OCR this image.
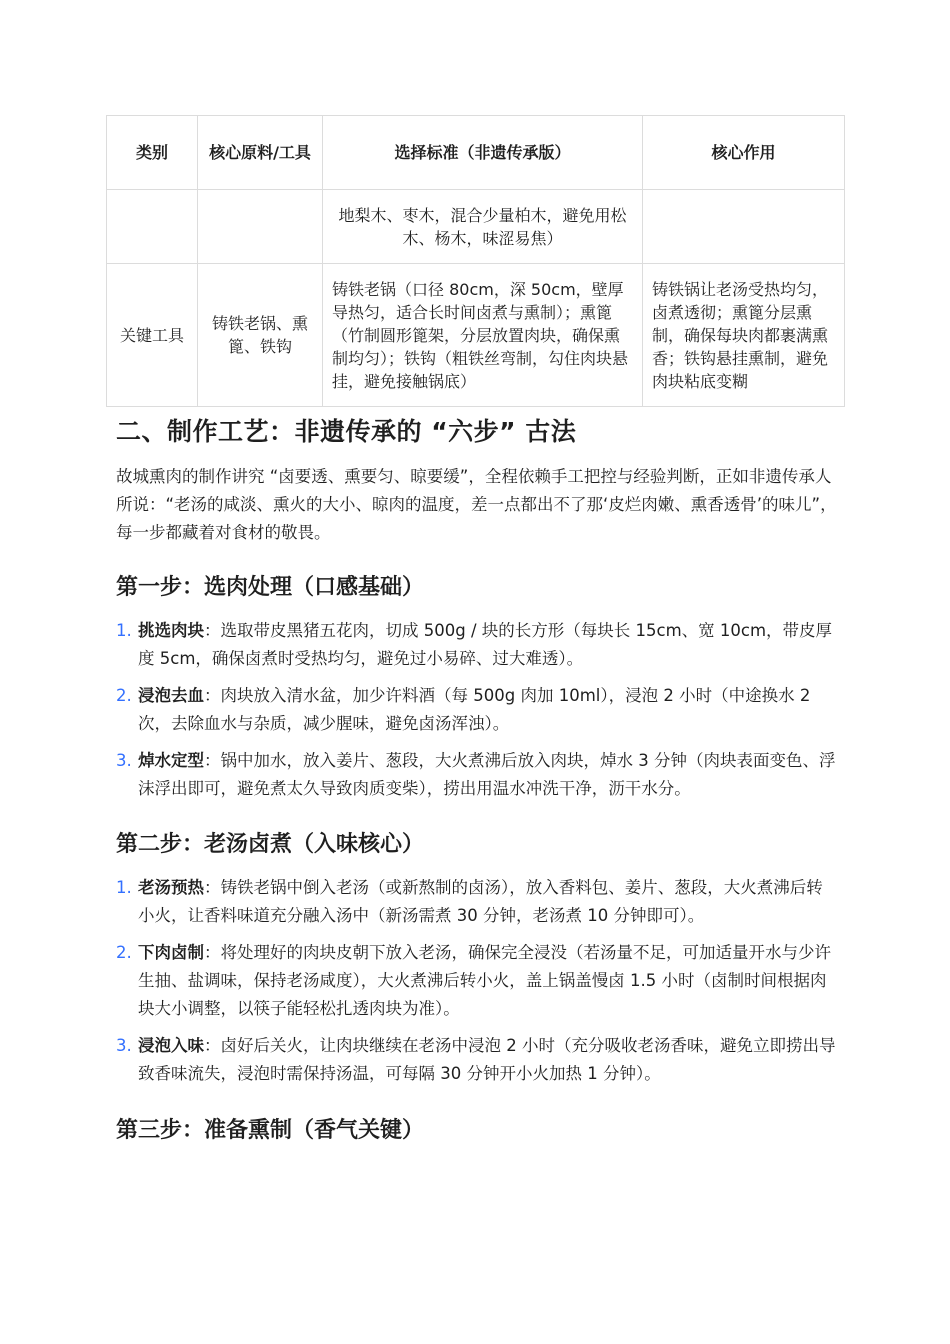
类别	核心原料/工具	选择标准（非遗传承版）	核心作用
		地梨木、枣木，混合少量柏木，避免用松木、杨木，味涩易焦）	
关键工具	铸铁老锅、熏篦、铁钩	铸铁老锅（口径 80cm，深 50cm，壁厚导热匀，适合长时间卤煮与熏制）；熏篦（竹制圆形篦架，分层放置肉块，确保熏制均匀）；铁钩（粗铁丝弯制，勾住肉块悬挂，避免接触锅底）	铸铁锅让老汤受热均匀，卤煮透彻；熏篦分层熏制，确保每块肉都裹满熏香；铁钩悬挂熏制，避免肉块粘底变糊
二、制作工艺：非遗传承的 “六步” 古法

故城熏肉的制作讲究 “卤要透、熏要匀、晾要缓”，全程依赖手工把控与经验判断，正如非遗传承人所说：“老汤的咸淡、熏火的大小、晾肉的温度，差一点都出不了那‘皮烂肉嫩、熏香透骨’的味儿”，每一步都藏着对食材的敬畏。

第一步：选肉处理（口感基础）
1. 挑选肉块：选取带皮黑猪五花肉，切成 500g / 块的长方形（每块长 15cm、宽 10cm，带皮厚度 5cm，确保卤煮时受热均匀，避免过小易碎、过大难透）。
2. 浸泡去血：肉块放入清水盆，加少许料酒（每 500g 肉加 10ml），浸泡 2 小时（中途换水 2 次，去除血水与杂质，减少腥味，避免卤汤浑浊）。
3. 焯水定型：锅中加水，放入姜片、葱段，大火煮沸后放入肉块，焯水 3 分钟（肉块表面变色、浮沫浮出即可，避免煮太久导致肉质变柴），捞出用温水冲洗干净，沥干水分。
第二步：老汤卤煮（入味核心）
1. 老汤预热：铸铁老锅中倒入老汤（或新熬制的卤汤），放入香料包、姜片、葱段，大火煮沸后转小火，让香料味道充分融入汤中（新汤需煮 30 分钟，老汤煮 10 分钟即可）。
2. 下肉卤制：将处理好的肉块皮朝下放入老汤，确保完全浸没（若汤量不足，可加适量开水与少许生抽、盐调味，保持老汤咸度），大火煮沸后转小火，盖上锅盖慢卤 1.5 小时（卤制时间根据肉块大小调整，以筷子能轻松扎透肉块为准）。
3. 浸泡入味：卤好后关火，让肉块继续在老汤中浸泡 2 小时（充分吸收老汤香味，避免立即捞出导致香味流失，浸泡时需保持汤温，可每隔 30 分钟开小火加热 1 分钟）。
第三步：准备熏制（香气关键）
